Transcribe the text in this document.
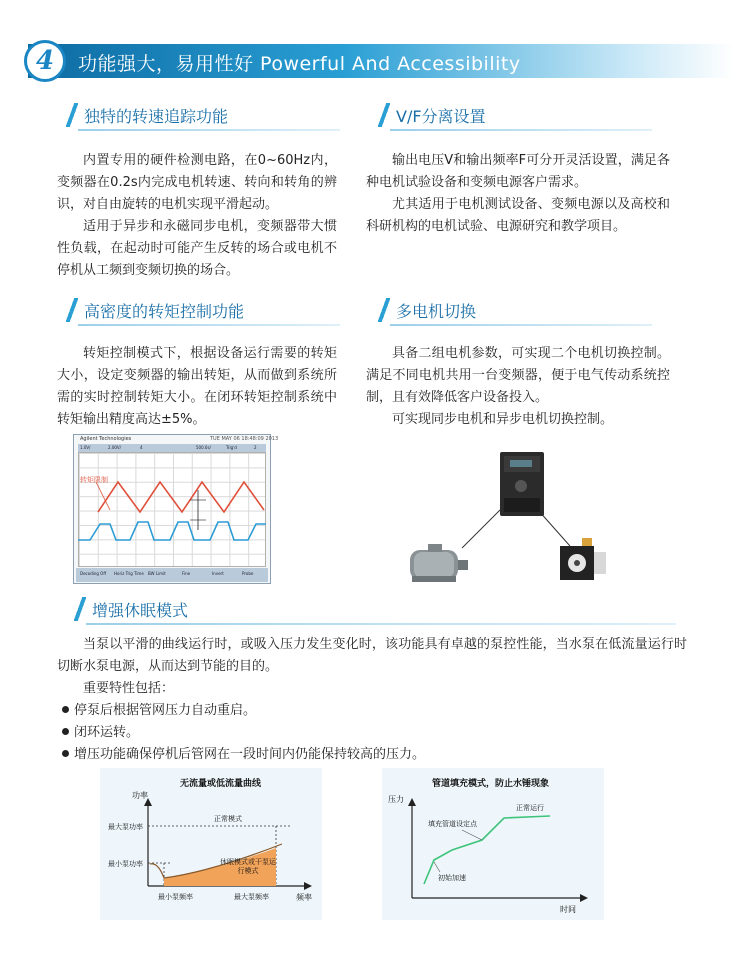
4	功能强大，易用性好 Powerful And Accessibility
独特的转速追踪功能

内置专用的硬件检测电路，在0~60Hz内，变频器在0.2s内完成电机转速、转向和转角的辨识，对自由旋转的电机实现平滑起动。

适用于异步和永磁同步电机，变频器带大惯性负载，在起动时可能产生反转的场合或电机不停机从工频到变频切换的场合。

V/F分离设置

输出电压V和输出频率F可分开灵活设置，满足各种电机试验设备和变频电源客户需求。

尤其适用于电机测试设备、变频电源以及高校和科研机构的电机试验、电源研究和教学项目。

高密度的转矩控制功能

转矩控制模式下，根据设备运行需要的转矩大小，设定变频器的输出转矩，从而做到系统所需的实时控制转矩大小。在闭环转矩控制系统中转矩输出精度高达±5%。

多电机切换

具备二组电机参数，可实现二个电机切换控制。满足不同电机共用一台变频器，便于电气传动系统控制，且有效降低客户设备投入。

可实现同步电机和异步电机切换控制。

Agilent Technologies	TUE MAY 06 18:48:09 2013
1.0V/	2.00V/	4	500.0s/	Trig'd	2
转矩限制
Decoding Off Horiz Trig Time BW Limit	Fine	Invert	Probe
增强休眠模式

当泵以平滑的曲线运行时，或吸入压力发生变化时，该功能具有卓越的泵控性能，当水泵在低流量运行时切断水泵电源，从而达到节能的目的。

重要特性包括：
停泵后根据管网压力自动重启。
闭环运转。
增压功能确保停机后管网在一段时间内仍能保持较高的压力。
无流量或低流量曲线
功率
频率
最大泵功率
最小泵功率
最小泵频率	最大泵频率
正常模式
休眠模式或干泵运行模式
管道填充模式，防止水锤现象
压力
时间
填充管道设定点
正常运行
初始加速
